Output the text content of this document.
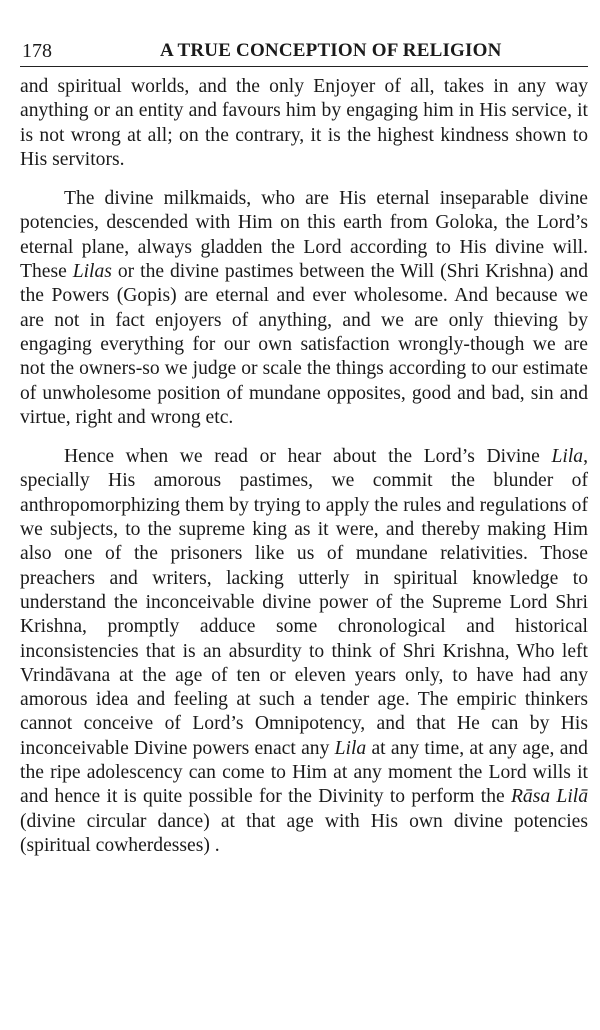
178	A TRUE CONCEPTION OF RELIGION

and spiritual worlds, and the only Enjoyer of all, takes in any way anything or an entity and favours him by engaging him in His service, it is not wrong at all; on the contrary, it is the highest kindness shown to His servitors.

The divine milkmaids, who are His eternal inseparable divine potencies, descended with Him on this earth from Goloka, the Lord’s eternal plane, always gladden the Lord according to His divine will. These Lilas or the divine pastimes between the Will (Shri Krishna) and the Powers (Gopis) are eternal and ever wholesome. And because we are not in fact enjoyers of anything, and we are only thieving by engaging everything for our own satisfaction wrongly-though we are not the owners-so we judge or scale the things according to our estimate of unwholesome position of mundane opposites, good and bad, sin and virtue, right and wrong etc.

Hence when we read or hear about the Lord’s Divine Lila, specially His amorous pastimes, we commit the blunder of anthropomorphizing them by trying to apply the rules and regulations of we subjects, to the supreme king as it were, and thereby making Him also one of the prisoners like us of mundane relativities. Those preachers and writers, lacking utterly in spiritual knowledge to understand the inconceivable divine power of the Supreme Lord Shri Krishna, promptly adduce some chronological and historical inconsistencies that is an absurdity to think of Shri Krishna, Who left Vrindāvana at the age of ten or eleven years only, to have had any amorous idea and feeling at such a tender age. The empiric thinkers cannot conceive of Lord’s Omnipotency, and that He can by His inconceivable Divine powers enact any Lila at any time, at any age, and the ripe adolescency can come to Him at any moment the Lord wills it and hence it is quite possible for the Divinity to perform the Rāsa Lilā (divine circular dance) at that age with His own divine potencies (spiritual cowherdesses) .
